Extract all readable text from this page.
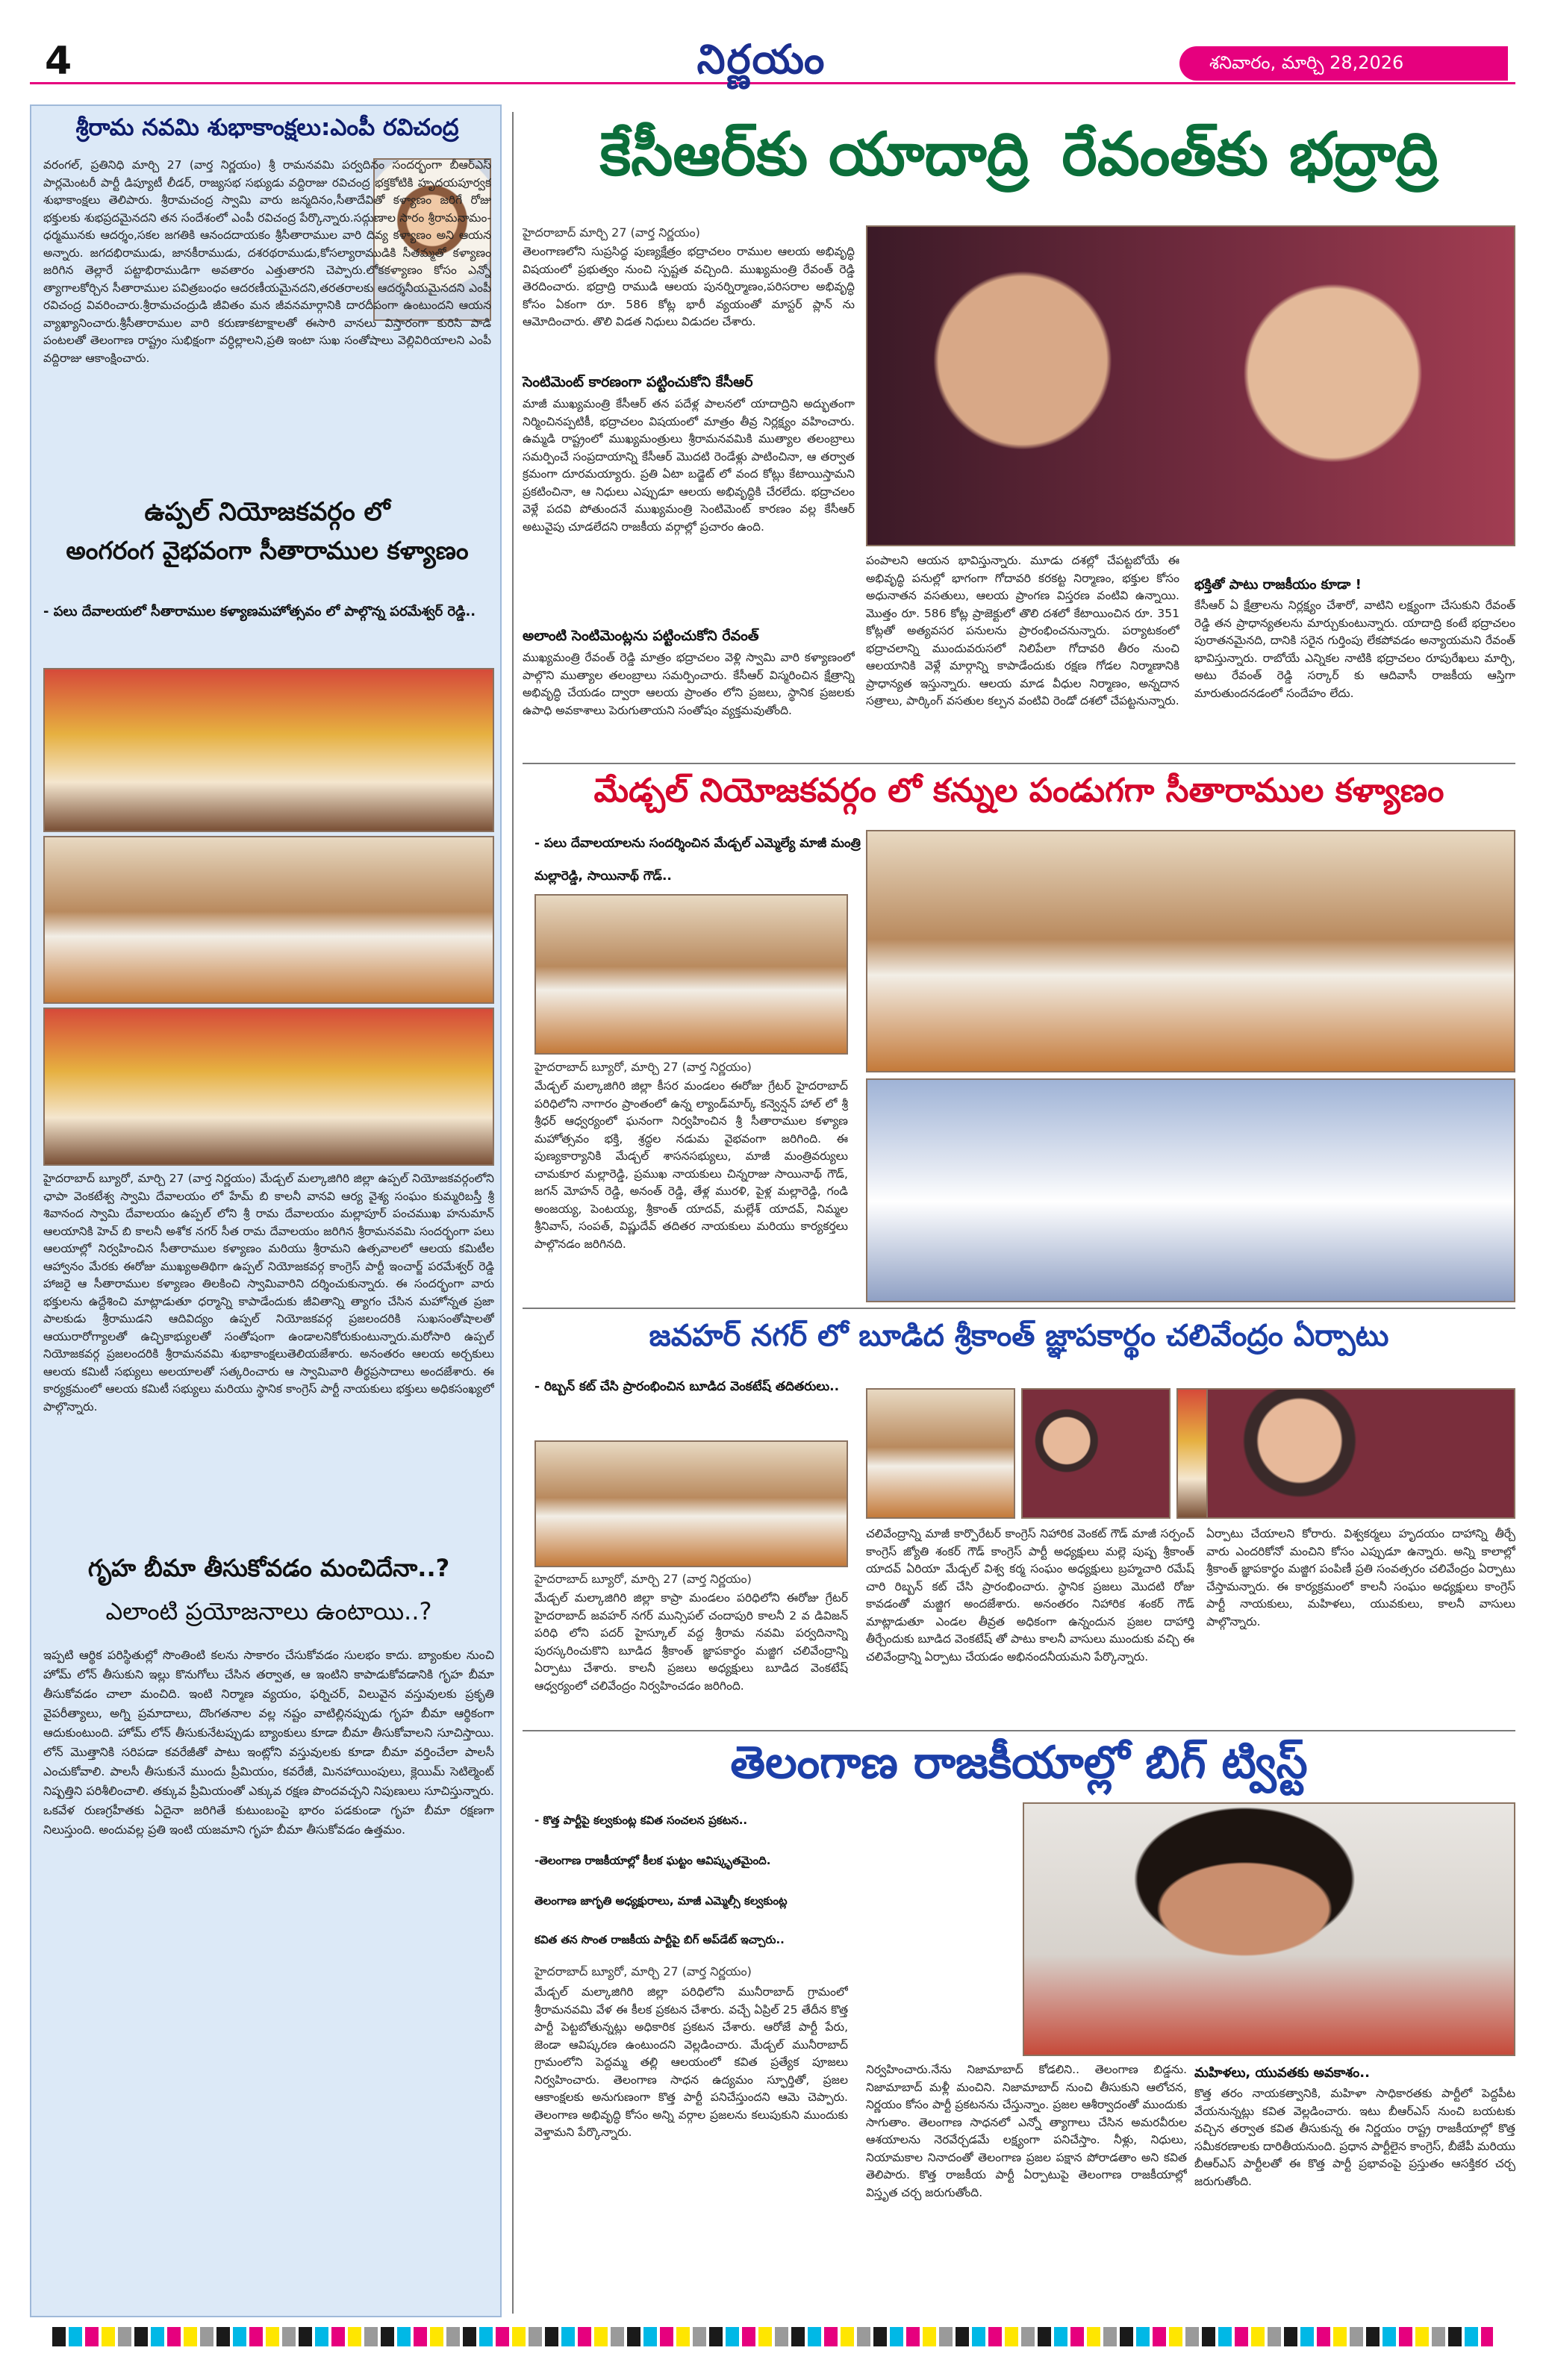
4	నిర్ణయం	శనివారం, మార్చి 28,2026
శ్రీరామ నవమి శుభాకాంక్షలు:ఎంపీ రవిచంద్ర
వరంగల్, ప్రతినిధి మార్చి 27 (వార్త నిర్ణయం) శ్రీ రామనవమి పర్వదినం సందర్భంగా బీఆర్ఎస్ పార్లమెంటరీ పార్టీ డిప్యూటీ లీడర్, రాజ్యసభ సభ్యుడు వద్దిరాజు రవిచంద్ర భక్తకోటికి హృదయపూర్వక శుభాకాంక్షలు తెలిపారు. శ్రీరామచంద్ర స్వామి వారు జన్మదినం,సీతాదేవితో కళ్యాణం జరిగే రోజు భక్తులకు శుభప్రదమైనదని తన సందేశంలో ఎంపీ రవిచంద్ర పేర్కొన్నారు.సద్గుణాల సారం శ్రీరామనామం-ధర్మమునకు ఆదర్శం,సకల జగతికి ఆనందదాయకం శ్రీసీతారాముల వారి దివ్య కళ్యాణం అని ఆయన అన్నారు. జగదభిరాముడు, జానకీరాముడు, దశరథరాముడు,కోసల్యారాముడికి సీతమ్మతో కళ్యాణం జరిగిన తెల్లారే పట్టాభిరాముడిగా అవతారం ఎత్తుతారని చెప్పారు.లోకకళ్యాణం కోసం ఎన్నో త్యాగాలకోర్చిన సీతారాముల పవిత్రబంధం ఆదరణీయమైనదని,తరతరాలకు ఆదర్శనీయమైనదని ఎంపీ రవిచంద్ర వివరించారు.శ్రీరామచంద్రుడి జీవితం మన జీవనమార్గానికి దారదీపంగా ఉంటుందని ఆయన వ్యాఖ్యానించారు.శ్రీసీతారాముల వారి కరుణాకటాక్షాలతో ఈసారి వానలు విస్తారంగా కురిసి పాడి పంటలతో తెలంగాణ రాష్ట్రం సుభిక్షంగా వర్ధిల్లాలని,ప్రతి ఇంటా సుఖ సంతోషాలు వెల్లివిరియాలని ఎంపీ వద్దిరాజు ఆకాంక్షించారు.
ఉప్పల్ నియోజకవర్గం లో
అంగరంగ వైభవంగా సీతారాముల కళ్యాణం
- పలు దేవాలయలో సీతారాముల కళ్యాణమహోత్సవం లో పాల్గొన్న పరమేశ్వర్ రెడ్డి..
హైదరాబాద్ బ్యూరో, మార్చి 27 (వార్త నిర్ణయం) మేడ్చల్ మల్కాజిగిరి జిల్లా ఉప్పల్ నియోజకవర్గంలోని ఛాపా వెంకటేశ్వ స్వామి దేవాలయం లో హేమ్ బి కాలనీ వానవి ఆర్య వైశ్య సంఘం కుమ్మరిబస్తీ శ్రీ శివానంద స్వామి దేవాలయం ఉప్పల్ లోని శ్రీ రామ దేవాలయం మల్లాపూర్ పంచముఖ హనుమాన్ ఆలయానికి హెచ్ బి కాలనీ అశోక నగర్ సీత రామ దేవాలయం జరిగిన శ్రీరామనవమి సందర్భంగా పలు ఆలయాల్లో నిర్వహించిన సీతారాముల కళ్యాణం మరియు శ్రీరామని ఉత్సవాలలో ఆలయ కమిటీల ఆహ్వానం మేరకు ఈరోజు ముఖ్యఅతిథిగా ఉప్పల్ నియోజకవర్గ కాంగ్రెస్ పార్టీ ఇంచార్జ్ పరమేశ్వర్ రెడ్డి హాజరై ఆ సీతారాముల కళ్యాణం తిలకించి స్వామివారిని దర్శించుకున్నారు. ఈ సందర్భంగా వారు భక్తులను ఉద్దేశించి మాట్లాడుతూ ధర్మాన్ని కాపాడేందుకు జీవితాన్ని త్యాగం చేసిన మహోన్నత ప్రజా పాలకుడు శ్రీరాముడని ఆదివిద్యం ఉప్పల్ నియోజకవర్గ ప్రజలందరికి సుఖసంతోషాలతో ఆయురారోగ్యాలతో ఉచ్ఛికాభ్యులతో సంతోషంగా ఉండాలనికోరుకుంటున్నారు.మరోసారి ఉప్పల్ నియోజకవర్గ ప్రజలందరికి శ్రీరామనవమి శుభాకాంక్షలుతెలియజేశారు. అనంతరం ఆలయ అర్చకులు ఆలయ కమిటీ సభ్యులు అలయాలతో సత్కరించారు ఆ స్వామివారి తీర్థప్రసాదాలు అందజేశారు. ఈ కార్యక్రమంలో ఆలయ కమిటీ సభ్యులు మరియు స్థానిక కాంగ్రెస్ పార్టీ నాయకులు భక్తులు అధికసంఖ్యలో పాల్గొన్నారు.
గృహ బీమా తీసుకోవడం మంచిదేనా..?
ఎలాంటి ప్రయోజనాలు ఉంటాయి..?
ఇప్పటి ఆర్థిక పరిస్థితుల్లో సొంతింటి కలను సాకారం చేసుకోవడం సులభం కాదు. బ్యాంకుల నుంచి హోమ్ లోన్ తీసుకుని ఇల్లు కొనుగోలు చేసిన తర్వాత, ఆ ఇంటిని కాపాడుకోవడానికి గృహ బీమా తీసుకోవడం చాలా మంచిది. ఇంటి నిర్మాణ వ్యయం, ఫర్నిచర్, విలువైన వస్తువులకు ప్రకృతి వైపరీత్యాలు, అగ్ని ప్రమాదాలు, దొంగతనాల వల్ల నష్టం వాటిల్లినప్పుడు గృహ బీమా ఆర్థికంగా ఆదుకుంటుంది. హోమ్ లోన్ తీసుకునేటప్పుడు బ్యాంకులు కూడా బీమా తీసుకోవాలని సూచిస్తాయి. లోన్ మొత్తానికి సరిపడా కవరేజీతో పాటు ఇంట్లోని వస్తువులకు కూడా బీమా వర్తించేలా పాలసీ ఎంచుకోవాలి. పాలసీ తీసుకునే ముందు ప్రీమియం, కవరేజీ, మినహాయింపులు, క్లెయిమ్ సెటిల్మెంట్ నిష్పత్తిని పరిశీలించాలి. తక్కువ ప్రీమియంతో ఎక్కువ రక్షణ పొందవచ్చని నిపుణులు సూచిస్తున్నారు. ఒకవేళ రుణగ్రహీతకు ఏదైనా జరిగితే కుటుంబంపై భారం పడకుండా గృహ బీమా రక్షణగా నిలుస్తుంది. అందువల్ల ప్రతి ఇంటి యజమాని గృహ బీమా తీసుకోవడం ఉత్తమం.
కేసీఆర్‌కు యాదాద్రి రేవంత్‌కు భద్రాద్రి
హైదరాబాద్ మార్చి 27 (వార్త నిర్ణయం)
తెలంగాణలోని సుప్రసిద్ధ పుణ్యక్షేత్రం భద్రాచలం రాముల ఆలయ అభివృద్ధి విషయంలో ప్రభుత్వం నుంచి స్పష్టత వచ్చింది. ముఖ్యమంత్రి రేవంత్ రెడ్డి తెరదించారు. భద్రాద్రి రాముడి ఆలయ పునర్నిర్మాణం,పరిసరాల అభివృద్ధి కోసం ఏకంగా రూ. 586 కోట్ల భారీ వ్యయంతో మాస్టర్ ప్లాన్ ను ఆమోదించారు. తొలి విడత నిధులు విడుదల చేశారు.
సెంటిమెంట్ కారణంగా పట్టించుకోని కేసీఆర్
మాజీ ముఖ్యమంత్రి కేసీఆర్ తన పదేళ్ల పాలనలో యాదాద్రిని అద్భుతంగా నిర్మించినప్పటికీ, భద్రాచలం విషయంలో మాత్రం తీవ్ర నిర్లక్ష్యం వహించారు. ఉమ్మడి రాష్ట్రంలో ముఖ్యమంత్రులు శ్రీరామనవమికి ముత్యాల తలంబ్రాలు సమర్పించే సంప్రదాయాన్ని కేసీఆర్ మొదటి రెండేళ్లు పాటించినా, ఆ తర్వాత క్రమంగా దూరమయ్యారు. ప్రతి ఏటా బడ్జెట్ లో వంద కోట్లు కేటాయిస్తామని ప్రకటించినా, ఆ నిధులు ఎప్పుడూ ఆలయ అభివృద్ధికి చేరలేదు. భద్రాచలం వెళ్లే పదవి పోతుందనే ముఖ్యమంత్రి సెంటిమెంట్ కారణం వల్ల కేసీఆర్ అటువైపు చూడలేదని రాజకీయ వర్గాల్లో ప్రచారం ఉంది.
అలాంటి సెంటిమెంట్లను పట్టించుకోని రేవంత్
ముఖ్యమంత్రి రేవంత్ రెడ్డి మాత్రం భద్రాచలం వెళ్లి స్వామి వారి కళ్యాణంలో పాల్గొని ముత్యాల తలంబ్రాలు సమర్పించారు. కేసీఆర్ విస్మరించిన క్షేత్రాన్ని అభివృద్ధి చేయడం ద్వారా ఆలయ ప్రాంతం లోని ప్రజలు, స్థానిక ప్రజలకు ఉపాధి అవకాశాలు పెరుగుతాయని సంతోషం వ్యక్తమవుతోంది.
పంపాలని ఆయన భావిస్తున్నారు. మూడు దశల్లో చేపట్టబోయే ఈ అభివృద్ధి పనుల్లో భాగంగా గోదావరి కరకట్ట నిర్మాణం, భక్తుల కోసం అధునాతన వసతులు, ఆలయ ప్రాంగణ విస్తరణ వంటివి ఉన్నాయి. మొత్తం రూ. 586 కోట్ల ప్రాజెక్టులో తొలి దశలో కేటాయించిన రూ. 351 కోట్లతో అత్యవసర పనులను ప్రారంభించనున్నారు. పర్యాటకంలో భద్రాచలాన్ని ముందువరుసలో నిలిపేలా గోదావరి తీరం నుంచి ఆలయానికి వెళ్లే మార్గాన్ని కాపాడేందుకు రక్షణ గోడల నిర్మాణానికి ప్రాధాన్యత ఇస్తున్నారు. ఆలయ మాడ వీధుల నిర్మాణం, అన్నదాన సత్రాలు, పార్కింగ్ వసతుల కల్పన వంటివి రెండో దశలో చేపట్టనున్నారు.
భక్తితో పాటు రాజకీయం కూడా !
కేసీఆర్ ఏ క్షేత్రాలను నిర్లక్ష్యం చేశారో, వాటిని లక్ష్యంగా చేసుకుని రేవంత్ రెడ్డి తన ప్రాధాన్యతలను మార్చుకుంటున్నారు. యాదాద్రి కంటే భద్రాచలం పురాతనమైనది, దానికి సరైన గుర్తింపు లేకపోవడం అన్యాయమని రేవంత్ భావిస్తున్నారు. రాబోయే ఎన్నికల నాటికి భద్రాచలం రూపురేఖలు మార్చి, అటు రేవంత్ రెడ్డి సర్కార్ కు ఆదివాసీ రాజకీయ ఆస్తిగా మారుతుందనడంలో సందేహం లేదు.
మేడ్చల్ నియోజకవర్గం లో కన్నుల పండుగగా సీతారాముల కళ్యాణం
- పలు దేవాలయాలను సందర్శించిన మేడ్చల్ ఎమ్మెల్యే మాజీ మంత్రి మల్లారెడ్డి, సాయినాథ్ గౌడ్..
హైదరాబాద్ బ్యూరో, మార్చి 27 (వార్త నిర్ణయం)
మేడ్చల్ మల్కాజిగిరి జిల్లా కీసర మండలం ఈరోజు గ్రేటర్ హైదరాబాద్ పరిధిలోని నాగారం ప్రాంతంలో ఉన్న ల్యాండ్‌మార్క్ కన్వెన్షన్ హాల్ లో శ్రీ శ్రీధర్ ఆధ్వర్యంలో ఘనంగా నిర్వహించిన శ్రీ సీతారాముల కళ్యాణ మహోత్సవం భక్తి, శ్రద్ధల నడుమ వైభవంగా జరిగింది. ఈ పుణ్యకార్యానికి మేడ్చల్ శాసనసభ్యులు, మాజీ మంత్రివర్యులు చామకూర మల్లారెడ్డి, ప్రముఖ నాయకులు చిన్నరాజు సాయినాథ్ గౌడ్, జగన్ మోహన్ రెడ్డి, అనంత్ రెడ్డి, తేళ్ల మురళి, పైళ్ల మల్లారెడ్డి, గండి అంజయ్య, పెంటయ్య, శ్రీకాంత్ యాదవ్, మల్లేశ్ యాదవ్, నిమ్మల శ్రీనివాస్, సంపత్, విష్ణుదేవ్ తదితర నాయకులు మరియు కార్యకర్తలు పాల్గొనడం జరిగినది.
జవహర్ నగర్ లో బూడిద శ్రీకాంత్ జ్ఞాపకార్థం చలివేంద్రం ఏర్పాటు
- రిబ్బన్ కట్ చేసి ప్రారంభించిన బూడిద వెంకటేష్ తదితరులు..
హైదరాబాద్ బ్యూరో, మార్చి 27 (వార్త నిర్ణయం)
మేడ్చల్ మల్కాజిగిరి జిల్లా కాప్రా మండలం పరిధిలోని ఈరోజు గ్రేటర్ హైదరాబాద్ జవహర్ నగర్ మున్సిపల్ చందాపురి కాలనీ 2 వ డివిజన్ పరిధి లోని పదర్ హైస్కూల్ వద్ద శ్రీరామ నవమి పర్వదినాన్ని పురస్కరించుకొని బూడిద శ్రీకాంత్ జ్ఞాపకార్థం మజ్జిగ చలివేంద్రాన్ని ఏర్పాటు చేశారు. కాలనీ ప్రజలు అధ్యక్షులు బూడిద వెంకటేష్ ఆధ్వర్యంలో చలివేంద్రం నిర్వహించడం జరిగింది.
చలివేంద్రాన్ని మాజీ కార్పొరేటర్ కాంగ్రెస్ నిహారిక వెంకట్ గౌడ్ మాజీ సర్పంచ్ కాంగ్రెస్ జ్యోతి శంకర్ గౌడ్ కాంగ్రెస్ పార్టీ అధ్యక్షులు మల్లె పుష్ప శ్రీకాంత్ యాదవ్ ఏరియా మేడ్చల్ విశ్వ కర్మ సంఘం అధ్యక్షులు బ్రహ్మచారి రమేష్ చారి రిబ్బన్ కట్ చేసి ప్రారంభించారు. స్థానిక ప్రజలు మొదటి రోజు కావడంతో మజ్జిగ అందజేశారు. అనంతరం నిహారిక శంకర్ గౌడ్ మాట్లాడుతూ ఎండల తీవ్రత అధికంగా ఉన్నందున ప్రజల దాహార్తి తీర్చేందుకు బూడిద వెంకటేష్ తో పాటు కాలనీ వాసులు ముందుకు వచ్చి ఈ చలివేంద్రాన్ని ఏర్పాటు చేయడం అభినందనీయమని పేర్కొన్నారు.
ఏర్పాటు చేయాలని కోరారు. విశ్వకర్మలు హృదయం దాహాన్ని తీర్చే వారు ఎందరికోనో మంచిని కోసం ఎప్పుడూ ఉన్నారు. అన్ని కాలాల్లో శ్రీకాంత్ జ్ఞాపకార్థం మజ్జిగ పంపిణీ ప్రతి సంవత్సరం చలివేంద్రం ఏర్పాటు చేస్తామన్నారు. ఈ కార్యక్రమంలో కాలనీ సంఘం అధ్యక్షులు కాంగ్రెస్ పార్టీ నాయకులు, మహిళలు, యువకులు, కాలనీ వాసులు పాల్గొన్నారు.
తెలంగాణ రాజకీయాల్లో బిగ్ ట్విస్ట్
- కొత్త పార్టీపై కల్వకుంట్ల కవిత సంచలన ప్రకటన..
-తెలంగాణ రాజకీయాల్లో కీలక ఘట్టం ఆవిష్కృతమైంది.
తెలంగాణ జాగృతి అధ్యక్షురాలు, మాజీ ఎమ్మెల్సీ కల్వకుంట్ల
కవిత తన సొంత రాజకీయ పార్టీపై బిగ్ అప్‌డేట్ ఇచ్చారు..
హైదరాబాద్ బ్యూరో, మార్చి 27 (వార్త నిర్ణయం)
మేడ్చల్ మల్కాజిగిరి జిల్లా పరిధిలోని మునీరాబాద్ గ్రామంలో శ్రీరామనవమి వేళ ఈ కీలక ప్రకటన చేశారు. వచ్చే ఏప్రిల్ 25 తేదీన కొత్త పార్టీ పెట్టబోతున్నట్లు అధికారిక ప్రకటన చేశారు. ఆరోజే పార్టీ పేరు, జెండా ఆవిష్కరణ ఉంటుందని వెల్లడించారు. మేడ్చల్ మునీరాబాద్ గ్రామంలోని పెద్దమ్మ తల్లి ఆలయంలో కవిత ప్రత్యేక పూజలు నిర్వహించారు. తెలంగాణ సాధన ఉద్యమం స్ఫూర్తితో, ప్రజల ఆకాంక్షలకు అనుగుణంగా కొత్త పార్టీ పనిచేస్తుందని ఆమె చెప్పారు. తెలంగాణ అభివృద్ధి కోసం అన్ని వర్గాల ప్రజలను కలుపుకుని ముందుకు వెళ్తామని పేర్కొన్నారు.
నిర్వహించారు.నేను నిజామాబాద్ కోడలిని.. తెలంగాణ బిడ్డను. నిజామాబాద్ మళ్లీ మంచిని. నిజామాబాద్ నుంచి తీసుకుని ఆలోచన, నిర్ణయం కోసం పార్టీ ప్రకటనను చేస్తున్నాం. ప్రజల ఆశీర్వాదంతో ముందుకు సాగుతాం. తెలంగాణ సాధనలో ఎన్నో త్యాగాలు చేసిన అమరవీరుల ఆశయాలను నెరవేర్చడమే లక్ష్యంగా పనిచేస్తాం. నీళ్లు, నిధులు, నియామకాల నినాదంతో తెలంగాణ ప్రజల పక్షాన పోరాడతాం అని కవిత తెలిపారు. కొత్త రాజకీయ పార్టీ ఏర్పాటుపై తెలంగాణ రాజకీయాల్లో విస్తృత చర్చ జరుగుతోంది.
మహిళలు, యువతకు అవకాశం..
కొత్త తరం నాయకత్వానికి, మహిళా సాధికారతకు పార్టీలో పెద్దపీట వేయనున్నట్లు కవిత వెల్లడించారు. ఇటు బీఆర్ఎస్ నుంచి బయటకు వచ్చిన తర్వాత కవిత తీసుకున్న ఈ నిర్ణయం రాష్ట్ర రాజకీయాల్లో కొత్త సమీకరణాలకు దారితీయనుంది. ప్రధాన పార్టీలైన కాంగ్రెస్, బీజేపీ మరియు బీఆర్ఎస్ పార్టీలతో ఈ కొత్త పార్టీ ప్రభావంపై ప్రస్తుతం ఆసక్తికర చర్చ జరుగుతోంది.
